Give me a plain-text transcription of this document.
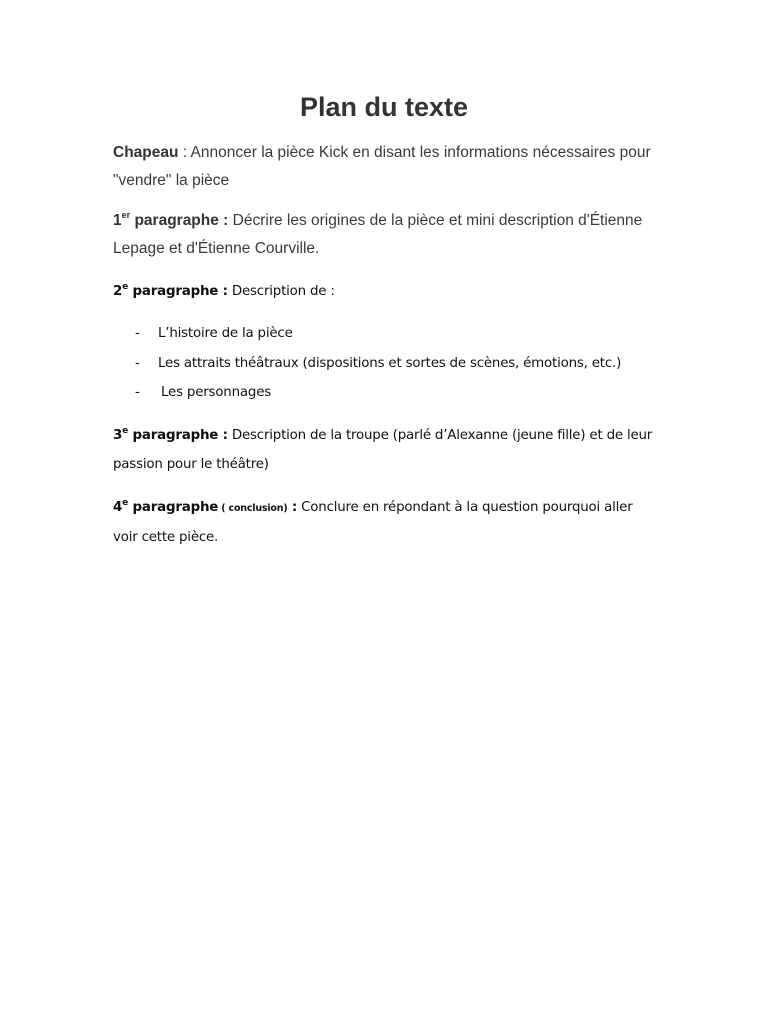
Plan du texte

Chapeau : Annoncer la pièce Kick en disant les informations nécessaires pour "vendre" la pièce

1er paragraphe : Décrire les origines de la pièce et mini description d'Étienne Lepage et d'Étienne Courville.

2e paragraphe : Description de :

- L’histoire de la pièce
- Les attraits théâtraux (dispositions et sortes de scènes, émotions, etc.)
- Les personnages

3e paragraphe : Description de la troupe (parlé d’Alexanne (jeune fille) et de leur passion pour le théâtre)

4e paragraphe ( conclusion) : Conclure en répondant à la question pourquoi aller voir cette pièce.
